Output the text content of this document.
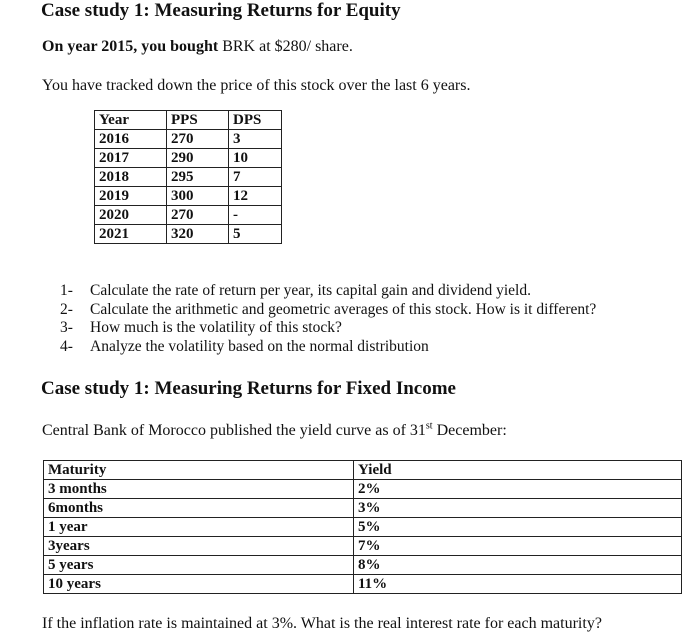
Case study 1: Measuring Returns for Equity
On year 2015, you bought BRK at $280/ share.
You have tracked down the price of this stock over the last 6 years.
Year	PPS	DPS
2016	270	3
2017	290	10
2018	295	7
2019	300	12
2020	270	-
2021	320	5
1- Calculate the rate of return per year, its capital gain and dividend yield.
2- Calculate the arithmetic and geometric averages of this stock. How is it different?
3- How much is the volatility of this stock?
4- Analyze the volatility based on the normal distribution
Case study 1: Measuring Returns for Fixed Income
Central Bank of Morocco published the yield curve as of 31st December:
Maturity	Yield
3 months	2%
6months	3%
1 year	5%
3years	7%
5 years	8%
10 years	11%
If the inflation rate is maintained at 3%. What is the real interest rate for each maturity?
